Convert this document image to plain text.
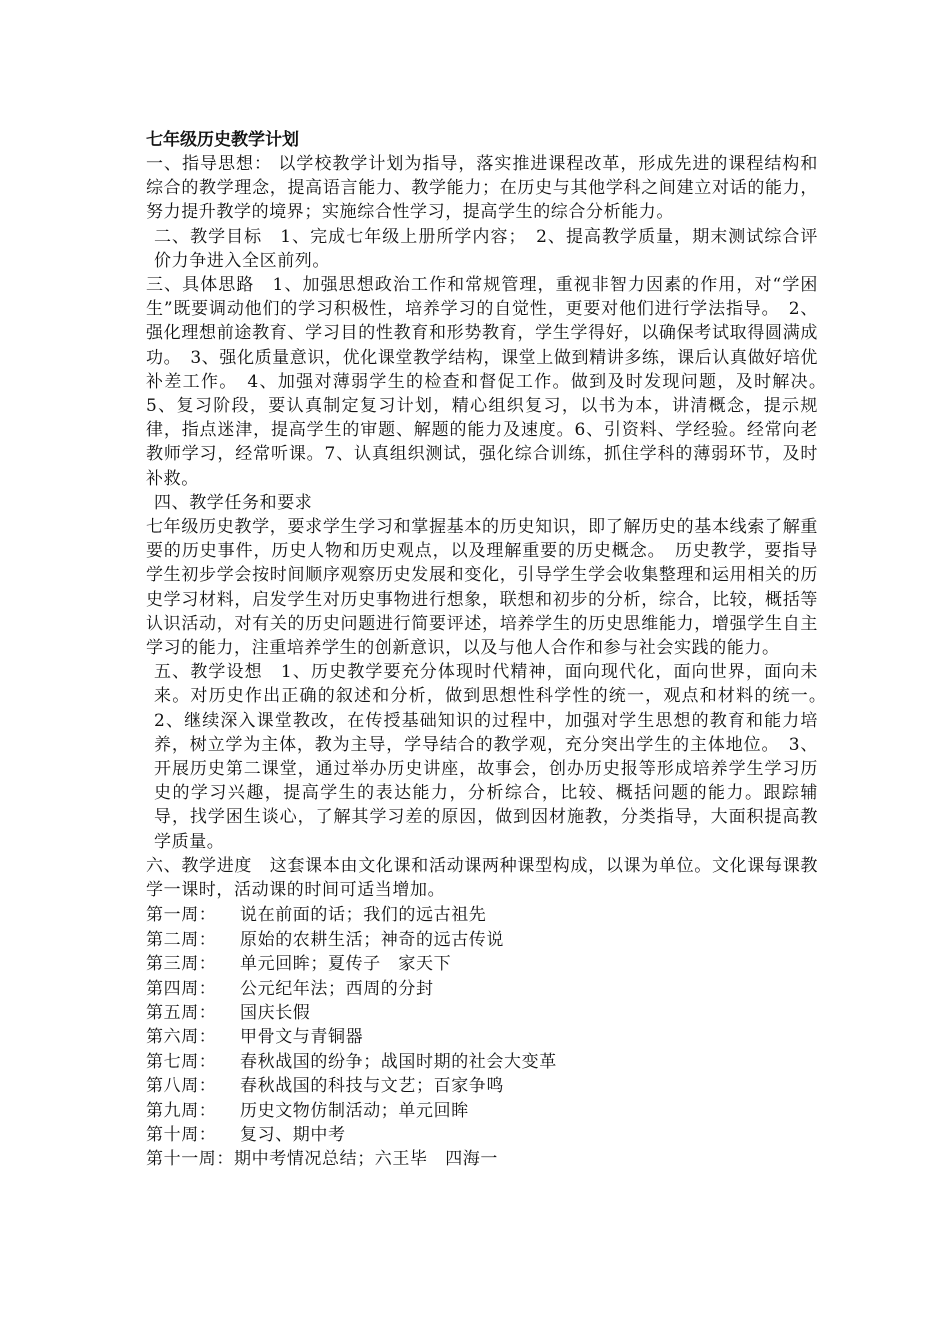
七年级历史教学计划

一、指导思想： 以学校教学计划为指导，落实推进课程改革，形成先进的课程结构和综合的教学理念，提高语言能力、教学能力；在历史与其他学科之间建立对话的能力，努力提升教学的境界；实施综合性学习，提高学生的综合分析能力。

二、教学目标　1、完成七年级上册所学内容；　2、提高教学质量，期末测试综合评价力争进入全区前列。

三、具体思路　1、加强思想政治工作和常规管理，重视非智力因素的作用，对“学困生”既要调动他们的学习积极性，培养学习的自觉性，更要对他们进行学法指导。　2、强化理想前途教育、学习目的性教育和形势教育，学生学得好，以确保考试取得圆满成功。　3、强化质量意识，优化课堂教学结构，课堂上做到精讲多练，课后认真做好培优补差工作。　4、加强对薄弱学生的检查和督促工作。做到及时发现问题，及时解决。　5、复习阶段，要认真制定复习计划，精心组织复习，以书为本，讲清概念，提示规律，指点迷津，提高学生的审题、解题的能力及速度。6、引资料、学经验。经常向老教师学习，经常听课。7、认真组织测试，强化综合训练，抓住学科的薄弱环节，及时补救。

四、教学任务和要求

七年级历史教学，要求学生学习和掌握基本的历史知识，即了解历史的基本线索了解重要的历史事件，历史人物和历史观点，以及理解重要的历史概念。　历史教学，要指导学生初步学会按时间顺序观察历史发展和变化，引导学生学会收集整理和运用相关的历史学习材料，启发学生对历史事物进行想象，联想和初步的分析，综合，比较，概括等认识活动，对有关的历史问题进行简要评述，培养学生的历史思维能力，增强学生自主学习的能力，注重培养学生的创新意识，以及与他人合作和参与社会实践的能力。

五、教学设想　1、历史教学要充分体现时代精神，面向现代化，面向世界，面向未来。对历史作出正确的叙述和分析，做到思想性科学性的统一，观点和材料的统一。　2、继续深入课堂教改，在传授基础知识的过程中，加强对学生思想的教育和能力培养，树立学为主体，教为主导，学导结合的教学观，充分突出学生的主体地位。　3、开展历史第二课堂，通过举办历史讲座，故事会，创办历史报等形成培养学生学习历史的学习兴趣，提高学生的表达能力，分析综合，比较、概括问题的能力。跟踪辅导，找学困生谈心，了解其学习差的原因，做到因材施教，分类指导，大面积提高教学质量。

六、教学进度　这套课本由文化课和活动课两种课型构成，以课为单位。文化课每课教学一课时，活动课的时间可适当增加。

第一周：	说在前面的话；我们的远古祖先
第二周：	原始的农耕生活；神奇的远古传说
第三周：	单元回眸；夏传子　家天下
第四周：	公元纪年法；西周的分封
第五周：	国庆长假
第六周：	甲骨文与青铜器
第七周：	春秋战国的纷争；战国时期的社会大变革
第八周：	春秋战国的科技与文艺；百家争鸣
第九周：	历史文物仿制活动；单元回眸
第十周：	复习、期中考
第十一周： 期中考情况总结；六王毕　四海一
